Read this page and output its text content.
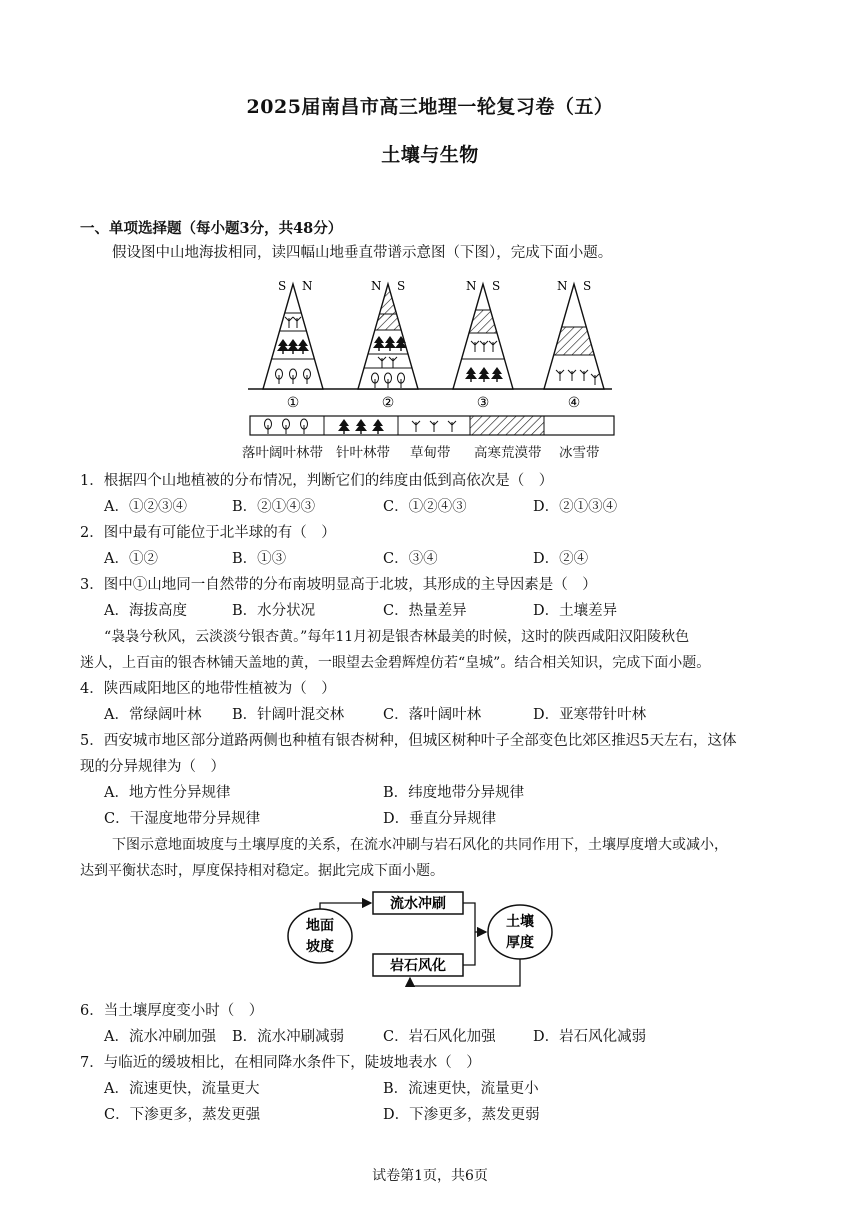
2025届南昌市高三地理一轮复习卷（五）
土壤与生物
一、单项选择题（每小题3分，共48分）
假设图中山地海拔相同，读四幅山地垂直带谱示意图（下图），完成下面小题。
S N	N S	N S	N S
①	②	③	④
落叶阔叶林带 针叶林带 草甸带 高寒荒漠带 冰雪带
1．根据四个山地植被的分布情况，判断它们的纬度由低到高依次是（　）
A．①②③④	B．②①④③	C．①②④③	D．②①③④
2．图中最有可能位于北半球的有（　）
A．①②	B．①③	C．③④	D．②④
3．图中①山地同一自然带的分布南坡明显高于北坡，其形成的主导因素是（　）
A．海拔高度	B．水分状况	C．热量差异	D．土壤差异
“袅袅兮秋风，云淡淡兮银杏黄。”每年11月初是银杏林最美的时候，这时的陕西咸阳汉阳陵秋色
迷人，上百亩的银杏林铺天盖地的黄，一眼望去金碧辉煌仿若“皇城”。结合相关知识，完成下面小题。
4．陕西咸阳地区的地带性植被为（　）
A．常绿阔叶林 B．针阔叶混交林	C．落叶阔叶林	D．亚寒带针叶林
5．西安城市地区部分道路两侧也种植有银杏树种，但城区树种叶子全部变色比郊区推迟5天左右，这体
现的分异规律为（　）
A．地方性分异规律	B．纬度地带分异规律
C．干湿度地带分异规律	D．垂直分异规律
下图示意地面坡度与土壤厚度的关系，在流水冲刷与岩石风化的共同作用下，土壤厚度增大或减小，
达到平衡状态时，厚度保持相对稳定。据此完成下面小题。
地面
坡度
流水冲刷
岩石风化
土壤
厚度
6．当土壤厚度变小时（　）
A．流水冲刷加强 B．流水冲刷减弱	C．岩石风化加强	D．岩石风化减弱
7．与临近的缓坡相比，在相同降水条件下，陡坡地表水（　）
A．流速更快，流量更大	B．流速更快，流量更小
C．下渗更多，蒸发更强	D．下渗更多，蒸发更弱
试卷第1页，共6页
